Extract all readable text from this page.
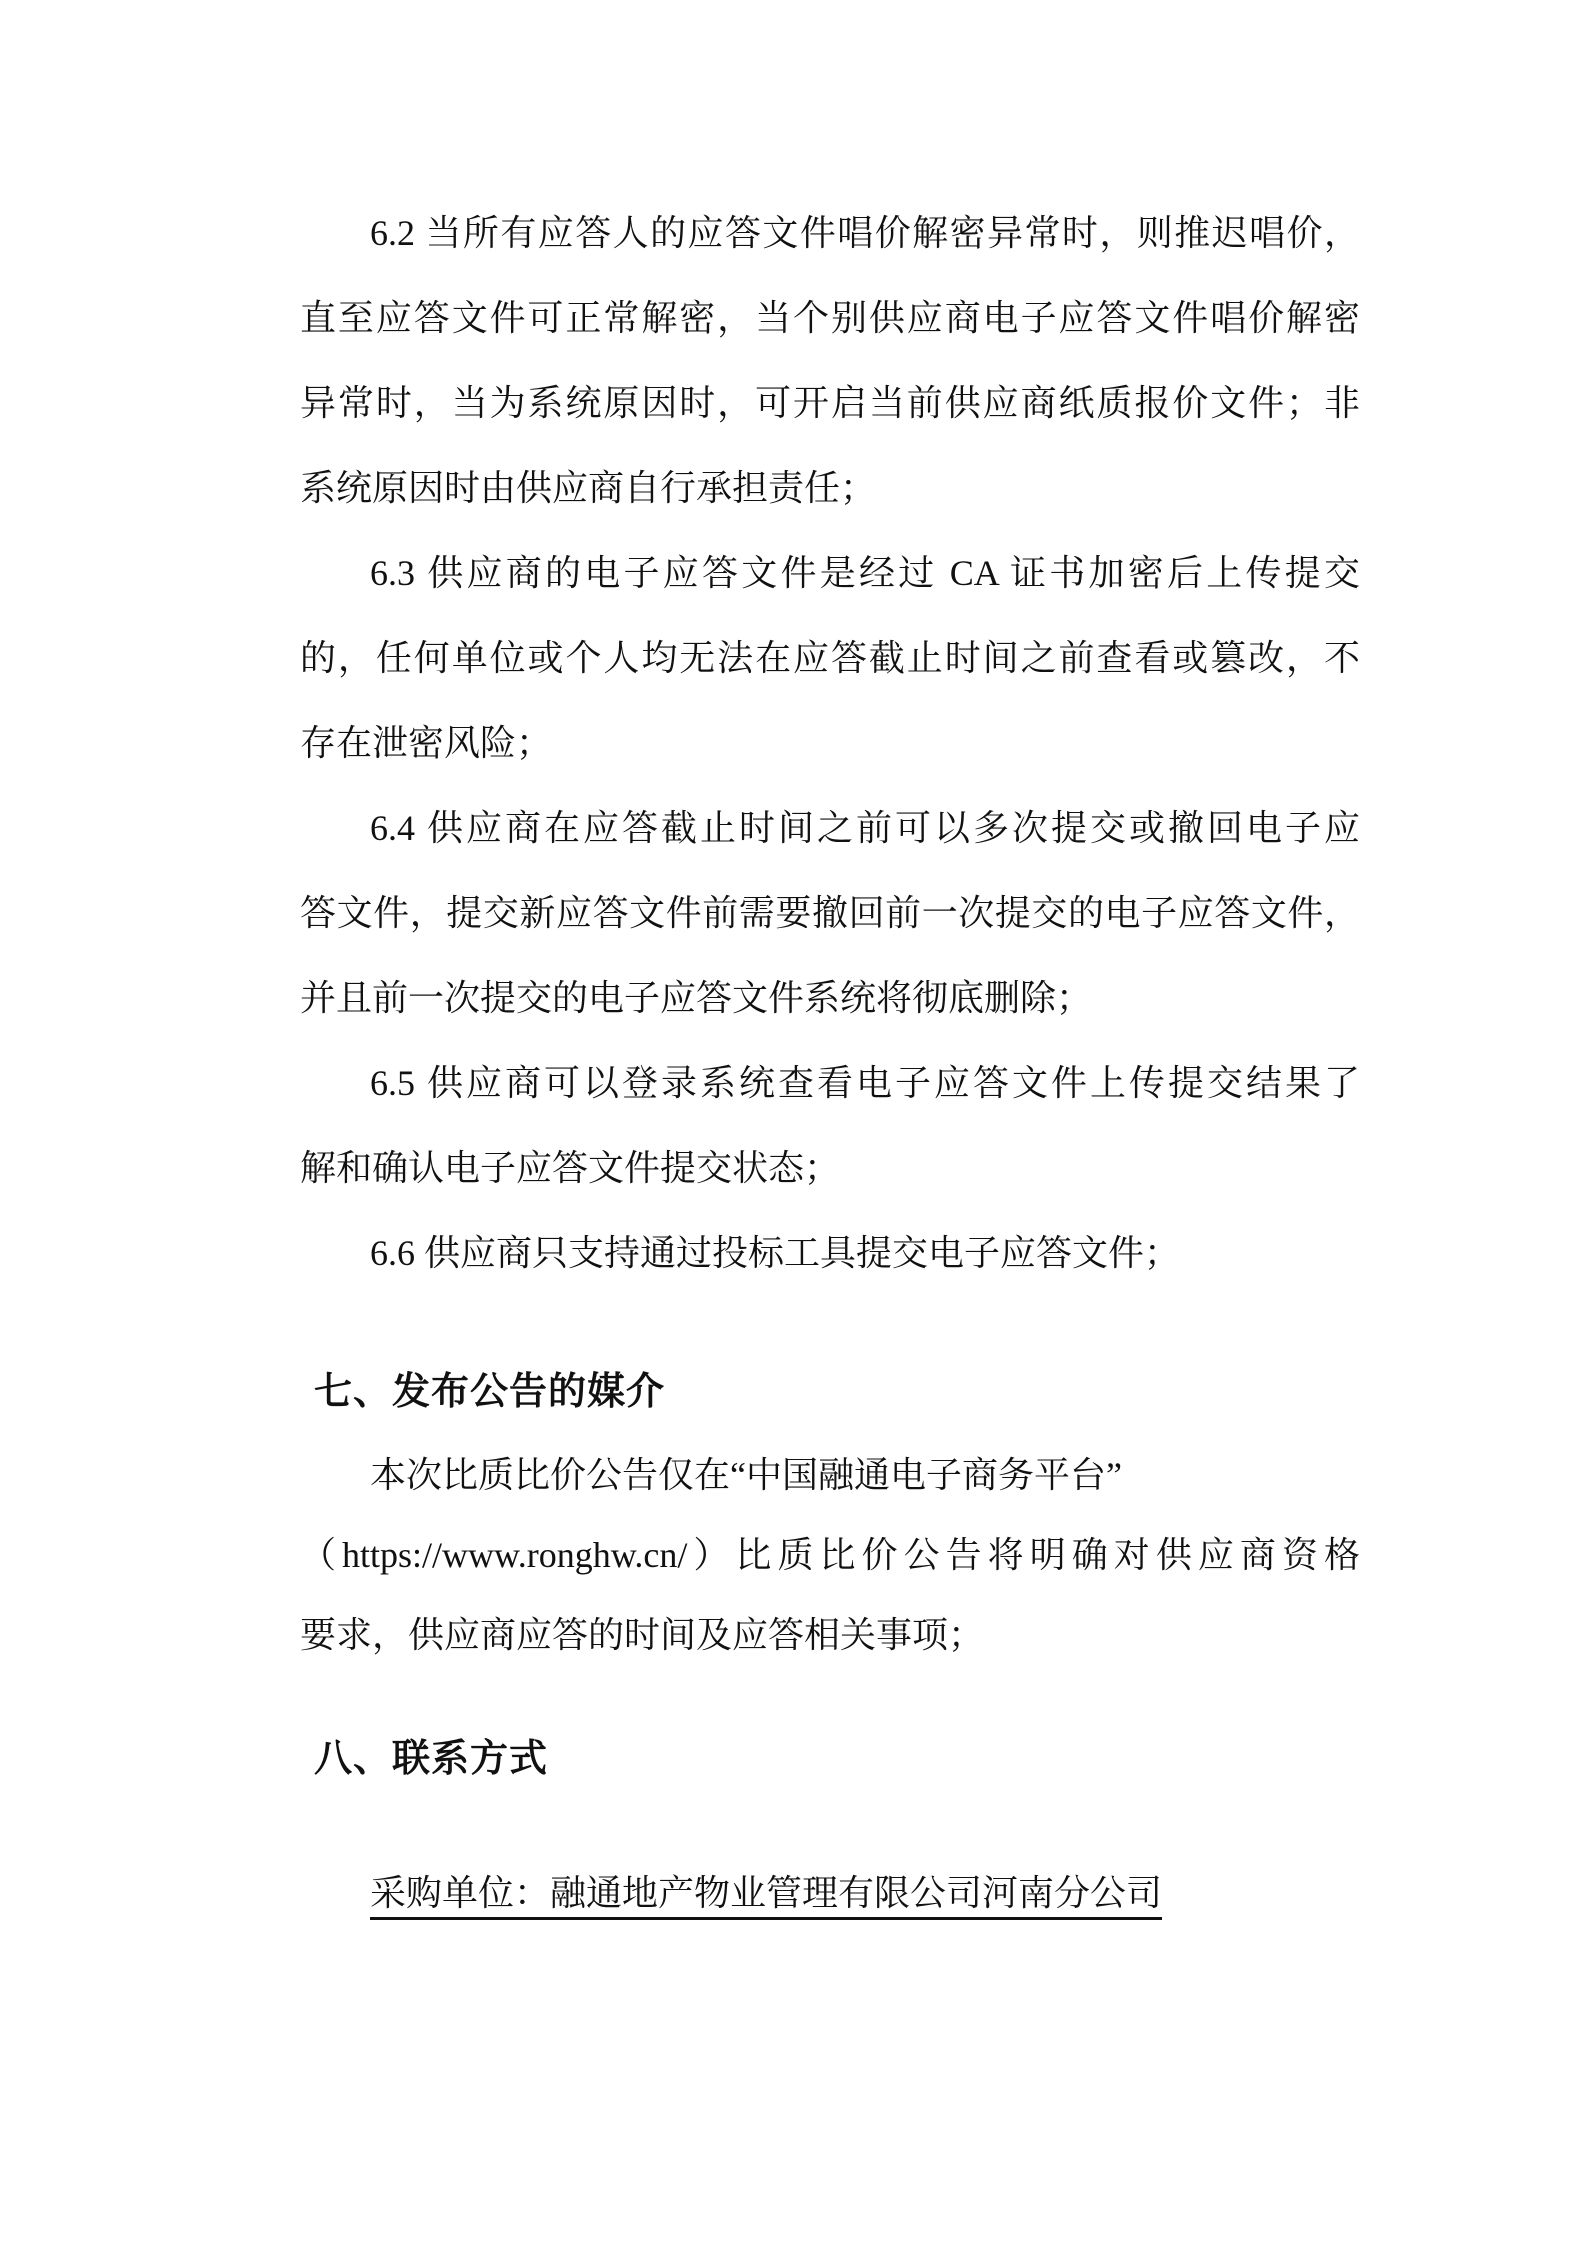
6.2 当所有应答人的应答文件唱价解密异常时，则推迟唱价，
直至应答文件可正常解密，当个别供应商电子应答文件唱价解密
异常时，当为系统原因时，可开启当前供应商纸质报价文件；非
系统原因时由供应商自行承担责任；
6.3 供应商的电子应答文件是经过 CA 证书加密后上传提交
的，任何单位或个人均无法在应答截止时间之前查看或篡改，不
存在泄密风险；
6.4 供应商在应答截止时间之前可以多次提交或撤回电子应
答文件，提交新应答文件前需要撤回前一次提交的电子应答文件，
并且前一次提交的电子应答文件系统将彻底删除；
6.5 供应商可以登录系统查看电子应答文件上传提交结果了
解和确认电子应答文件提交状态；
6.6 供应商只支持通过投标工具提交电子应答文件；
七、发布公告的媒介
本次比质比价公告仅在“中国融通电子商务平台”
（https://www.ronghw.cn/）比质比价公告将明确对供应商资格
要求，供应商应答的时间及应答相关事项；
八、联系方式
采购单位：融通地产物业管理有限公司河南分公司
